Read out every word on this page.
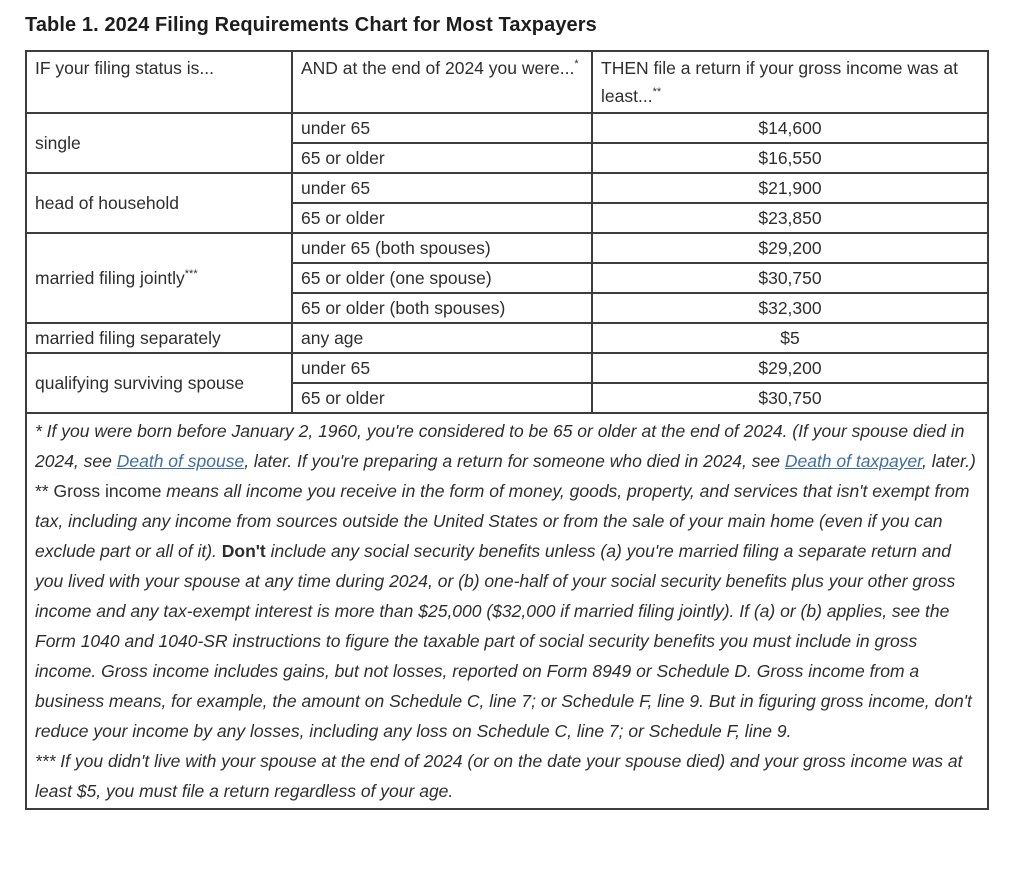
Table 1. 2024 Filing Requirements Chart for Most Taxpayers
IF your filing status is...	AND at the end of 2024 you were...*	THEN file a return if your gross income was at least...**
single	under 65	$14,600
	65 or older	$16,550
head of household	under 65	$21,900
	65 or older	$23,850
married filing jointly***	under 65 (both spouses)	$29,200
	65 or older (one spouse)	$30,750
	65 or older (both spouses)	$32,300
married filing separately	any age	$5
qualifying surviving spouse	under 65	$29,200
	65 or older	$30,750

* If you were born before January 2, 1960, you're considered to be 65 or older at the end of 2024. (If your spouse died in 2024, see Death of spouse, later. If you're preparing a return for someone who died in 2024, see Death of taxpayer, later.)

** Gross income means all income you receive in the form of money, goods, property, and services that isn't exempt from tax, including any income from sources outside the United States or from the sale of your main home (even if you can exclude part or all of it). Don't include any social security benefits unless (a) you're married filing a separate return and you lived with your spouse at any time during 2024, or (b) one-half of your social security benefits plus your other gross income and any tax-exempt interest is more than $25,000 ($32,000 if married filing jointly). If (a) or (b) applies, see the Form 1040 and 1040-SR instructions to figure the taxable part of social security benefits you must include in gross income. Gross income includes gains, but not losses, reported on Form 8949 or Schedule D. Gross income from a business means, for example, the amount on Schedule C, line 7; or Schedule F, line 9. But in figuring gross income, don't reduce your income by any losses, including any loss on Schedule C, line 7; or Schedule F, line 9.

*** If you didn't live with your spouse at the end of 2024 (or on the date your spouse died) and your gross income was at least $5, you must file a return regardless of your age.		
